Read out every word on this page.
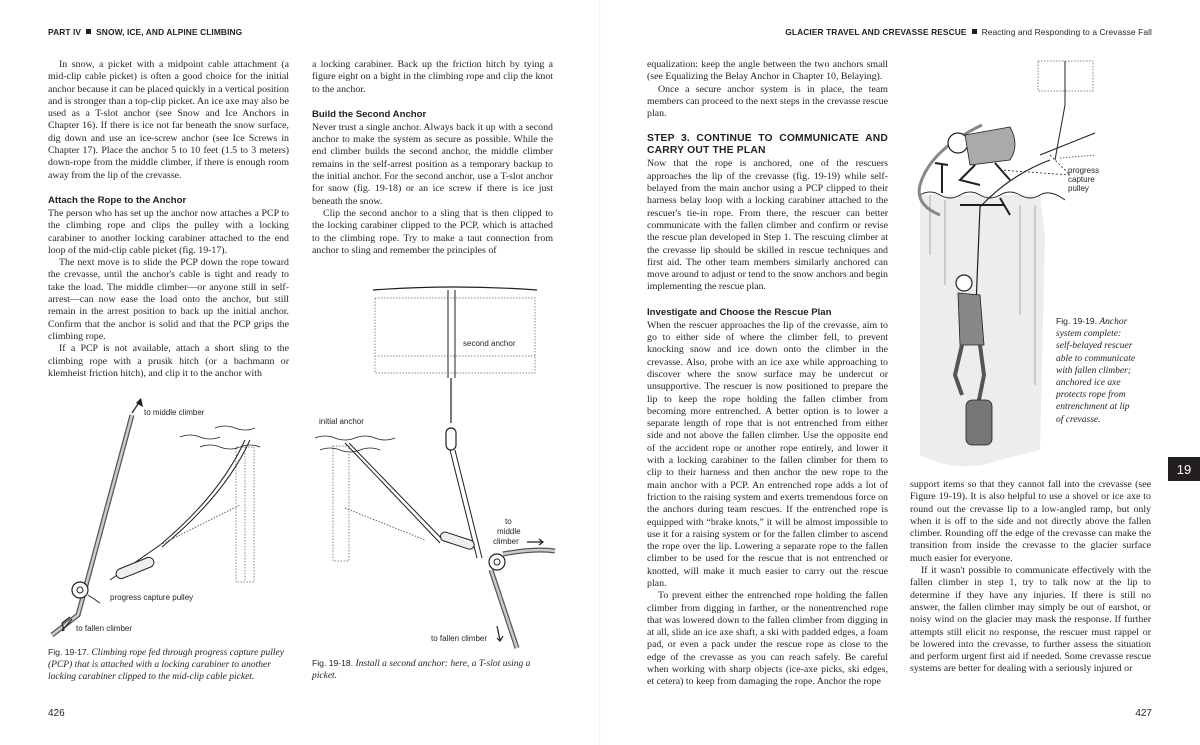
PART IV SNOW, ICE, AND ALPINE CLIMBING

In snow, a picket with a midpoint cable attachment (a mid-clip cable picket) is often a good choice for the initial anchor because it can be placed quickly in a vertical position and is stronger than a top-clip picket. An ice axe may also be used as a T-slot anchor (see Snow and Ice Anchors in Chapter 16). If there is ice not far beneath the snow surface, dig down and use an ice-screw anchor (see Ice Screws in Chapter 17). Place the anchor 5 to 10 feet (1.5 to 3 meters) down-rope from the middle climber, if there is enough room away from the lip of the crevasse.

Attach the Rope to the Anchor

The person who has set up the anchor now attaches a PCP to the climbing rope and clips the pulley with a locking carabiner to another locking carabiner attached to the end loop of the mid-clip cable picket (fig. 19-17).

The next move is to slide the PCP down the rope toward the crevasse, until the anchor's cable is tight and ready to take the load. The middle climber—or anyone still in self-arrest—can now ease the load onto the anchor, but still remain in the arrest position to back up the initial anchor. Confirm that the anchor is solid and that the PCP grips the climbing rope.

If a PCP is not available, attach a short sling to the climbing rope with a prusik hitch (or a bachmann or klemheist friction hitch), and clip it to the anchor with

a locking carabiner. Back up the friction hitch by tying a figure eight on a bight in the climbing rope and clip the knot to the anchor.

Build the Second Anchor

Never trust a single anchor. Always back it up with a second anchor to make the system as secure as possible. While the end climber builds the second anchor, the middle climber remains in the self-arrest position as a temporary backup to the initial anchor. For the second anchor, use a T-slot anchor for snow (fig. 19-18) or an ice screw if there is ice just beneath the snow.

Clip the second anchor to a sling that is then clipped to the locking carabiner clipped to the PCP, which is attached to the climbing rope. Try to make a taut connection from anchor to sling and remember the principles of

to middle climber
progress capture pulley
to fallen climber
Fig. 19-17. Climbing rope fed through progress capture pulley (PCP) that is attached with a locking carabiner to another locking carabiner clipped to the mid-clip cable picket.
second anchor
initial anchor
to
middle
climber
to fallen climber
Fig. 19-18. Install a second anchor: here, a T-slot using a picket.
426
GLACIER TRAVEL AND CREVASSE RESCUE Reacting and Responding to a Crevasse Fall

equalization: keep the angle between the two anchors small (see Equalizing the Belay Anchor in Chapter 10, Belaying).

Once a secure anchor system is in place, the team members can proceed to the next steps in the crevasse rescue plan.

STEP 3. CONTINUE TO COMMUNICATE AND CARRY OUT THE PLAN

Now that the rope is anchored, one of the rescuers approaches the lip of the crevasse (fig. 19-19) while self-belayed from the main anchor using a PCP clipped to their harness belay loop with a locking carabiner attached to the rescuer's tie-in rope. From there, the rescuer can better communicate with the fallen climber and confirm or revise the rescue plan developed in Step 1. The rescuing climber at the crevasse lip should be skilled in rescue techniques and first aid. The other team members similarly anchored can move around to adjust or tend to the snow anchors and begin implementing the rescue plan.

Investigate and Choose the Rescue Plan

When the rescuer approaches the lip of the crevasse, aim to go to either side of where the climber fell, to prevent knocking snow and ice down onto the climber in the crevasse. Also, probe with an ice axe while approaching to discover where the snow surface may be undercut or unsupportive. The rescuer is now positioned to prepare the lip to keep the rope holding the fallen climber from becoming more entrenched. A better option is to lower a separate length of rope that is not entrenched from either side and not above the fallen climber. Use the opposite end of the accident rope or another rope entirely, and lower it with a locking carabiner to the fallen climber for them to clip to their harness and then anchor the new rope to the main anchor with a PCP. An entrenched rope adds a lot of friction to the raising system and exerts tremendous force on the anchors during team rescues. If the entrenched rope is equipped with “brake knots,” it will be almost impossible to use it for a raising system or for the fallen climber to ascend the rope over the lip. Lowering a separate rope to the fallen climber to be used for the rescue that is not entrenched or knotted, will make it much easier to carry out the rescue plan.

To prevent either the entrenched rope holding the fallen climber from digging in farther, or the nonentrenched rope that was lowered down to the fallen climber from digging in at all, slide an ice axe shaft, a ski with padded edges, a foam pad, or even a pack under the rescue rope as close to the edge of the crevasse as you can reach safely. Be careful when working with sharp objects (ice-axe picks, ski edges, et cetera) to keep from damaging the rope. Anchor the rope

progress
capture
pulley
Fig. 19-19. Anchor system complete: self-belayed rescuer able to communicate with fallen climber; anchored ice axe protects rope from entrenchment at lip of crevasse.
19

support items so that they cannot fall into the crevasse (see Figure 19-19). It is also helpful to use a shovel or ice axe to round out the crevasse lip to a low-angled ramp, but only when it is off to the side and not directly above the fallen climber. Rounding off the edge of the crevasse can make the transition from inside the crevasse to the glacier surface much easier for everyone.

If it wasn't possible to communicate effectively with the fallen climber in step 1, try to talk now at the lip to determine if they have any injuries. If there is still no answer, the fallen climber may simply be out of earshot, or noisy wind on the glacier may mask the response. If further attempts still elicit no response, the rescuer must rappel or be lowered into the crevasse, to further assess the situation and perform urgent first aid if needed. Some crevasse rescue systems are better for dealing with a seriously injured or

427
